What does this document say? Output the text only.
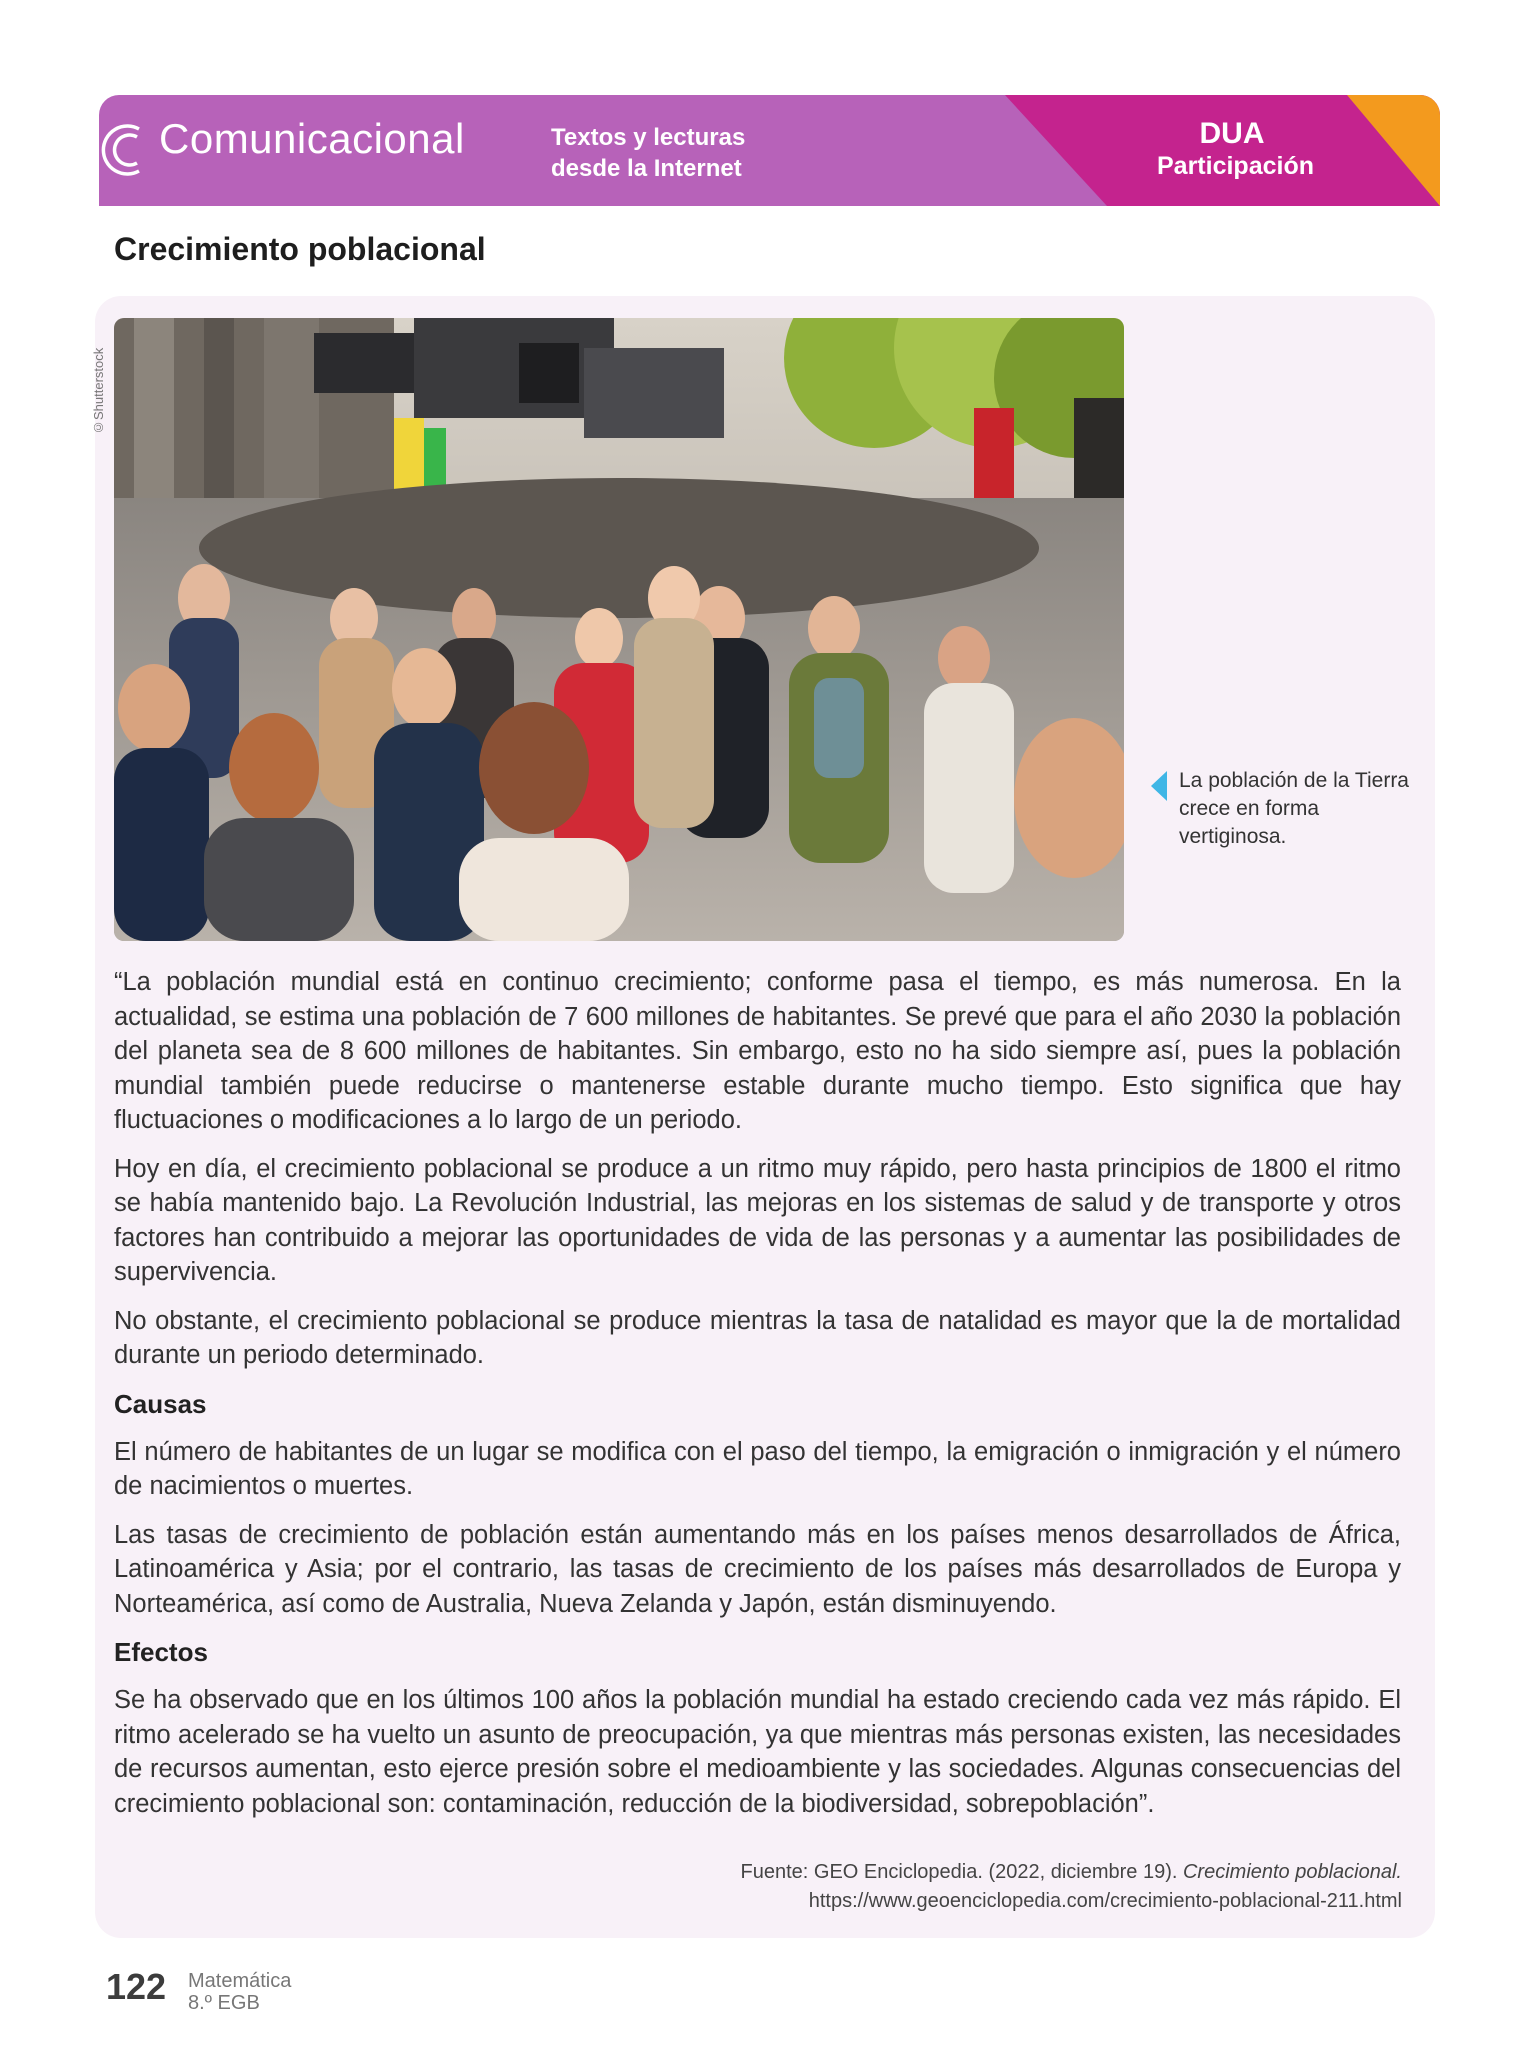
Comunicacional	Textos y lecturas
desde la Internet
DUA
Participación
Crecimiento poblacional
©Shutterstock
La población de la Tierra crece en forma vertiginosa.

“La población mundial está en continuo crecimiento; conforme pasa el tiempo, es más numerosa. En la actualidad, se estima una población de 7 600 millones de habitantes. Se prevé que para el año 2030 la población del planeta sea de 8 600 millones de habitantes. Sin embargo, esto no ha sido siempre así, pues la población mundial también puede reducirse o mantenerse estable durante mucho tiempo. Esto significa que hay fluctuaciones o modificaciones a lo largo de un periodo.

Hoy en día, el crecimiento poblacional se produce a un ritmo muy rápido, pero hasta principios de 1800 el ritmo se había mantenido bajo. La Revolución Industrial, las mejoras en los sistemas de salud y de transporte y otros factores han contribuido a mejorar las oportunidades de vida de las personas y a aumentar las posibilidades de supervivencia.

No obstante, el crecimiento poblacional se produce mientras la tasa de natalidad es mayor que la de mortalidad durante un periodo determinado.

Causas

El número de habitantes de un lugar se modifica con el paso del tiempo, la emigración o inmigración y el número de nacimientos o muertes.

Las tasas de crecimiento de población están aumentando más en los países menos desarrollados de África, Latinoamérica y Asia; por el contrario, las tasas de crecimiento de los países más desarrollados de Europa y Norteamérica, así como de Australia, Nueva Zelanda y Japón, están disminuyendo.

Efectos

Se ha observado que en los últimos 100 años la población mundial ha estado creciendo cada vez más rápido. El ritmo acelerado se ha vuelto un asunto de preocupación, ya que mientras más personas existen, las necesidades de recursos aumentan, esto ejerce presión sobre el medioambiente y las sociedades. Algunas consecuencias del crecimiento poblacional son: contaminación, reducción de la biodiversidad, sobrepoblación”.

Fuente: GEO Enciclopedia. (2022, diciembre 19). Crecimiento poblacional.
https://www.geoenciclopedia.com/crecimiento-poblacional-211.html
122 Matemática
8.º EGB
